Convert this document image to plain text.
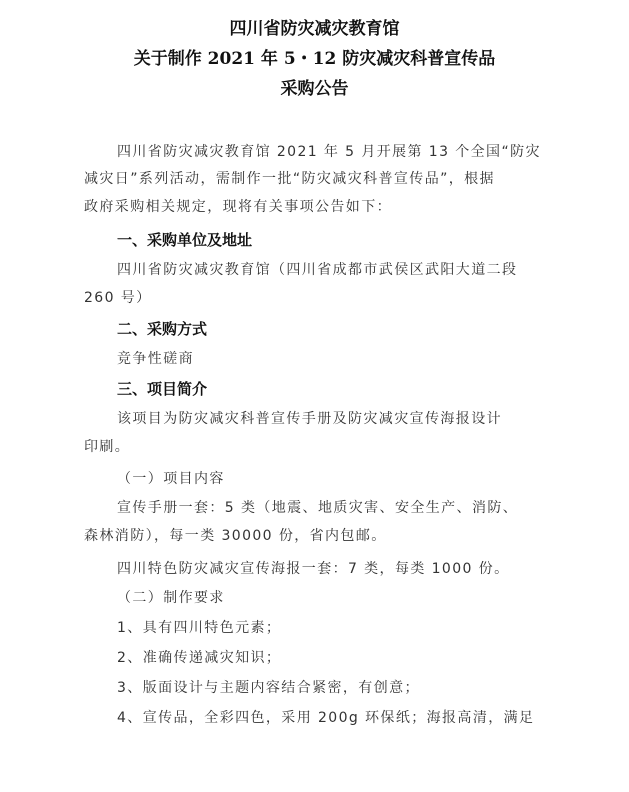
四川省防灾减灾教育馆
关于制作 2021 年 5・12 防灾减灾科普宣传品
采购公告
四川省防灾减灾教育馆 2021 年 5 月开展第 13 个全国“防灾
减灾日”系列活动，需制作一批“防灾减灾科普宣传品”，根据
政府采购相关规定，现将有关事项公告如下：
一、采购单位及地址
四川省防灾减灾教育馆（四川省成都市武侯区武阳大道二段
260 号）
二、采购方式
竞争性磋商
三、项目简介
该项目为防灾减灾科普宣传手册及防灾减灾宣传海报设计
印刷。
（一）项目内容
宣传手册一套：5 类（地震、地质灾害、安全生产、消防、
森林消防），每一类 30000 份，省内包邮。
四川特色防灾减灾宣传海报一套：7 类，每类 1000 份。
（二）制作要求
1、具有四川特色元素；
2、准确传递减灾知识；
3、版面设计与主题内容结合紧密，有创意；
4、宣传品，全彩四色，采用 200g 环保纸；海报高清，满足
